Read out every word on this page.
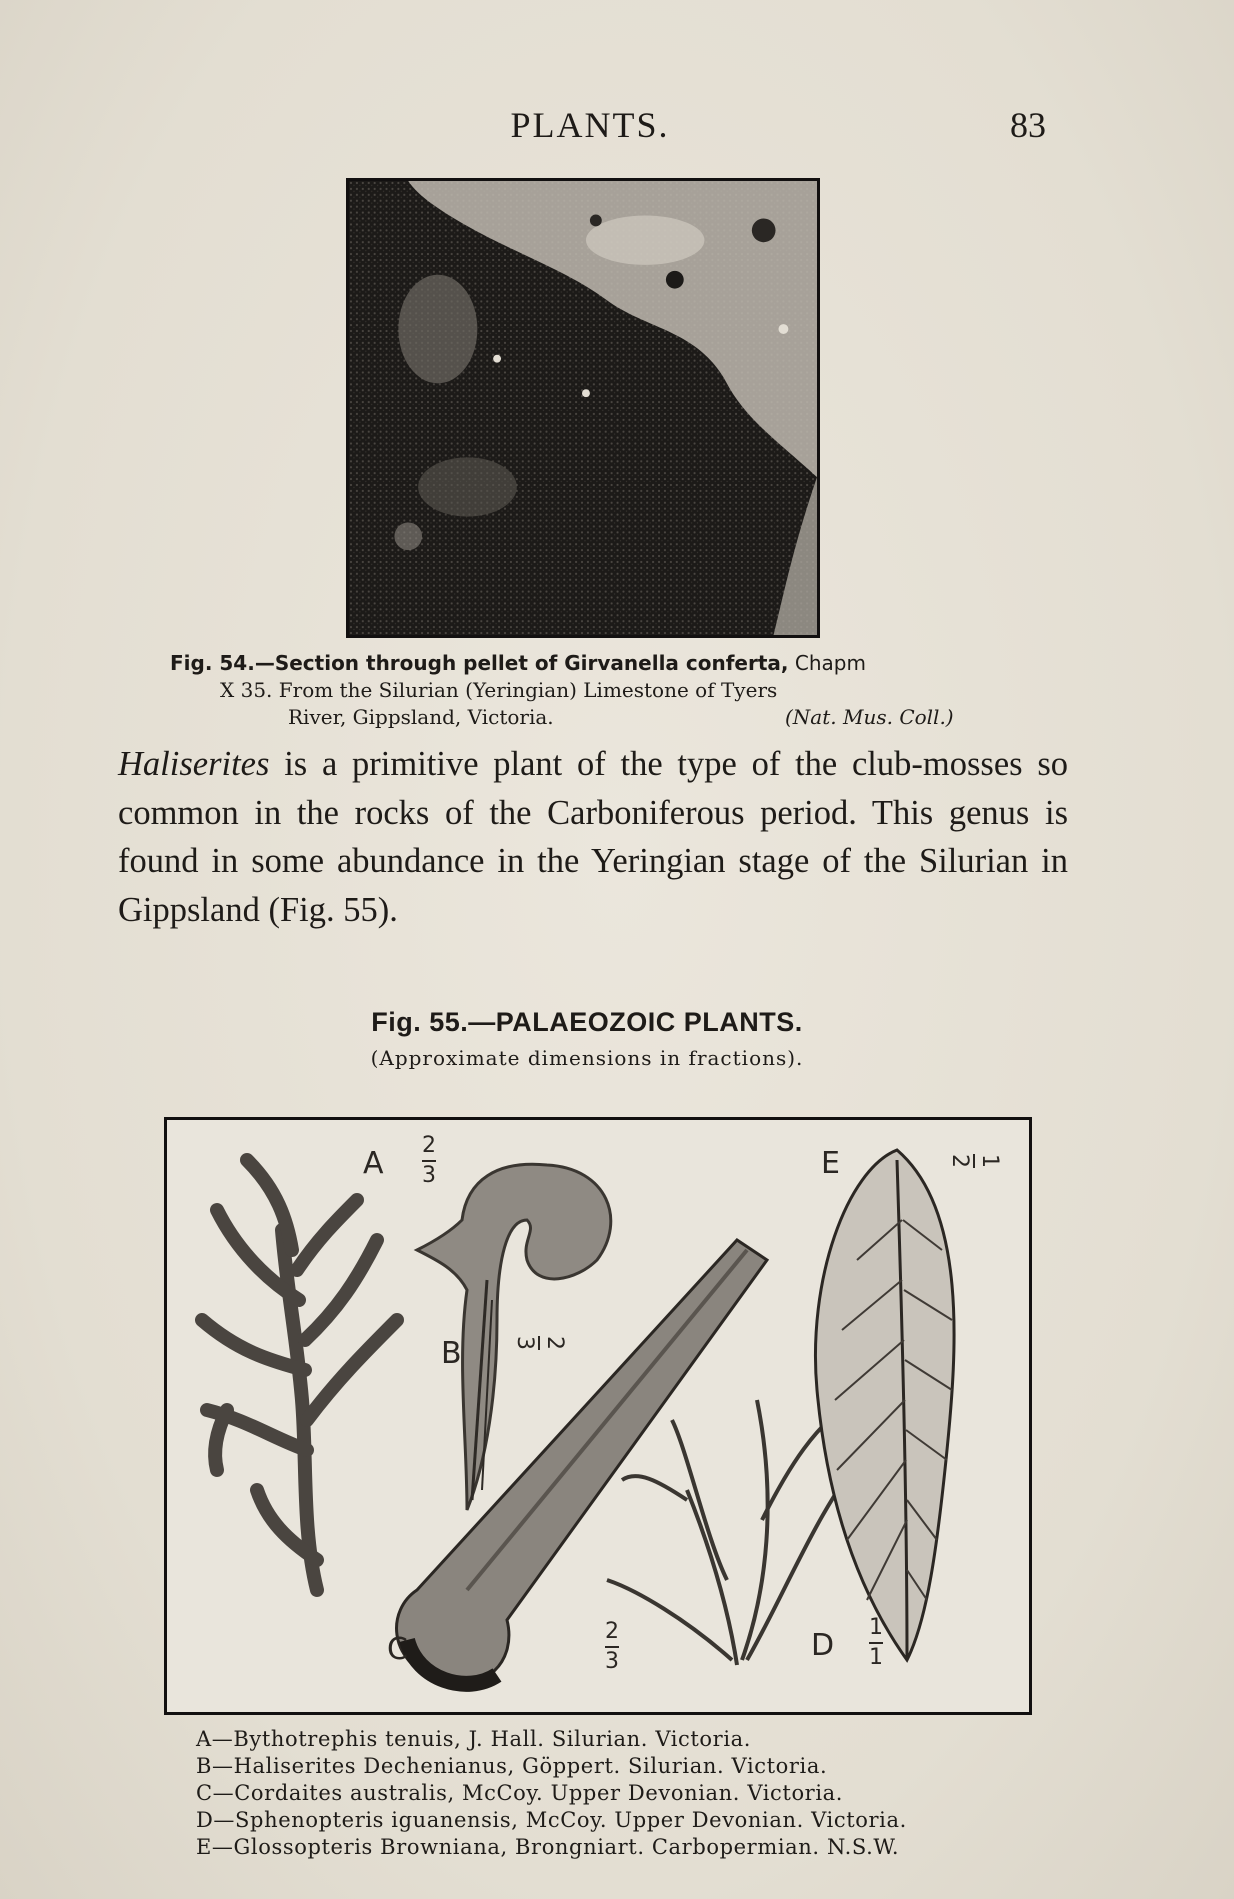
PLANTS.	83
Fig. 54.—Section through pellet of Girvanella conferta, Chapm
X 35. From the Silurian (Yeringian) Limestone of Tyers
River, Gippsland, Victoria.	(Nat. Mus. Coll.)
Haliserites is a primitive plant of the type of the club-mosses so common in the rocks of the Carboniferous period. This genus is found in some abundance in the Yeringian stage of the Silurian in Gippsland (Fig. 55).
Fig. 55.—PALAEOZOIC PLANTS.
(Approximate dimensions in fractions).
A
2
3
B	2
3
C
2
3	D
1
1
E	1
2
A—Bythotrephis tenuis, J. Hall. Silurian. Victoria.
B—Haliserites Dechenianus, Göppert. Silurian. Victoria.
C—Cordaites australis, McCoy. Upper Devonian. Victoria.
D—Sphenopteris iguanensis, McCoy. Upper Devonian. Victoria.
E—Glossopteris Browniana, Brongniart. Carbopermian. N.S.W.
